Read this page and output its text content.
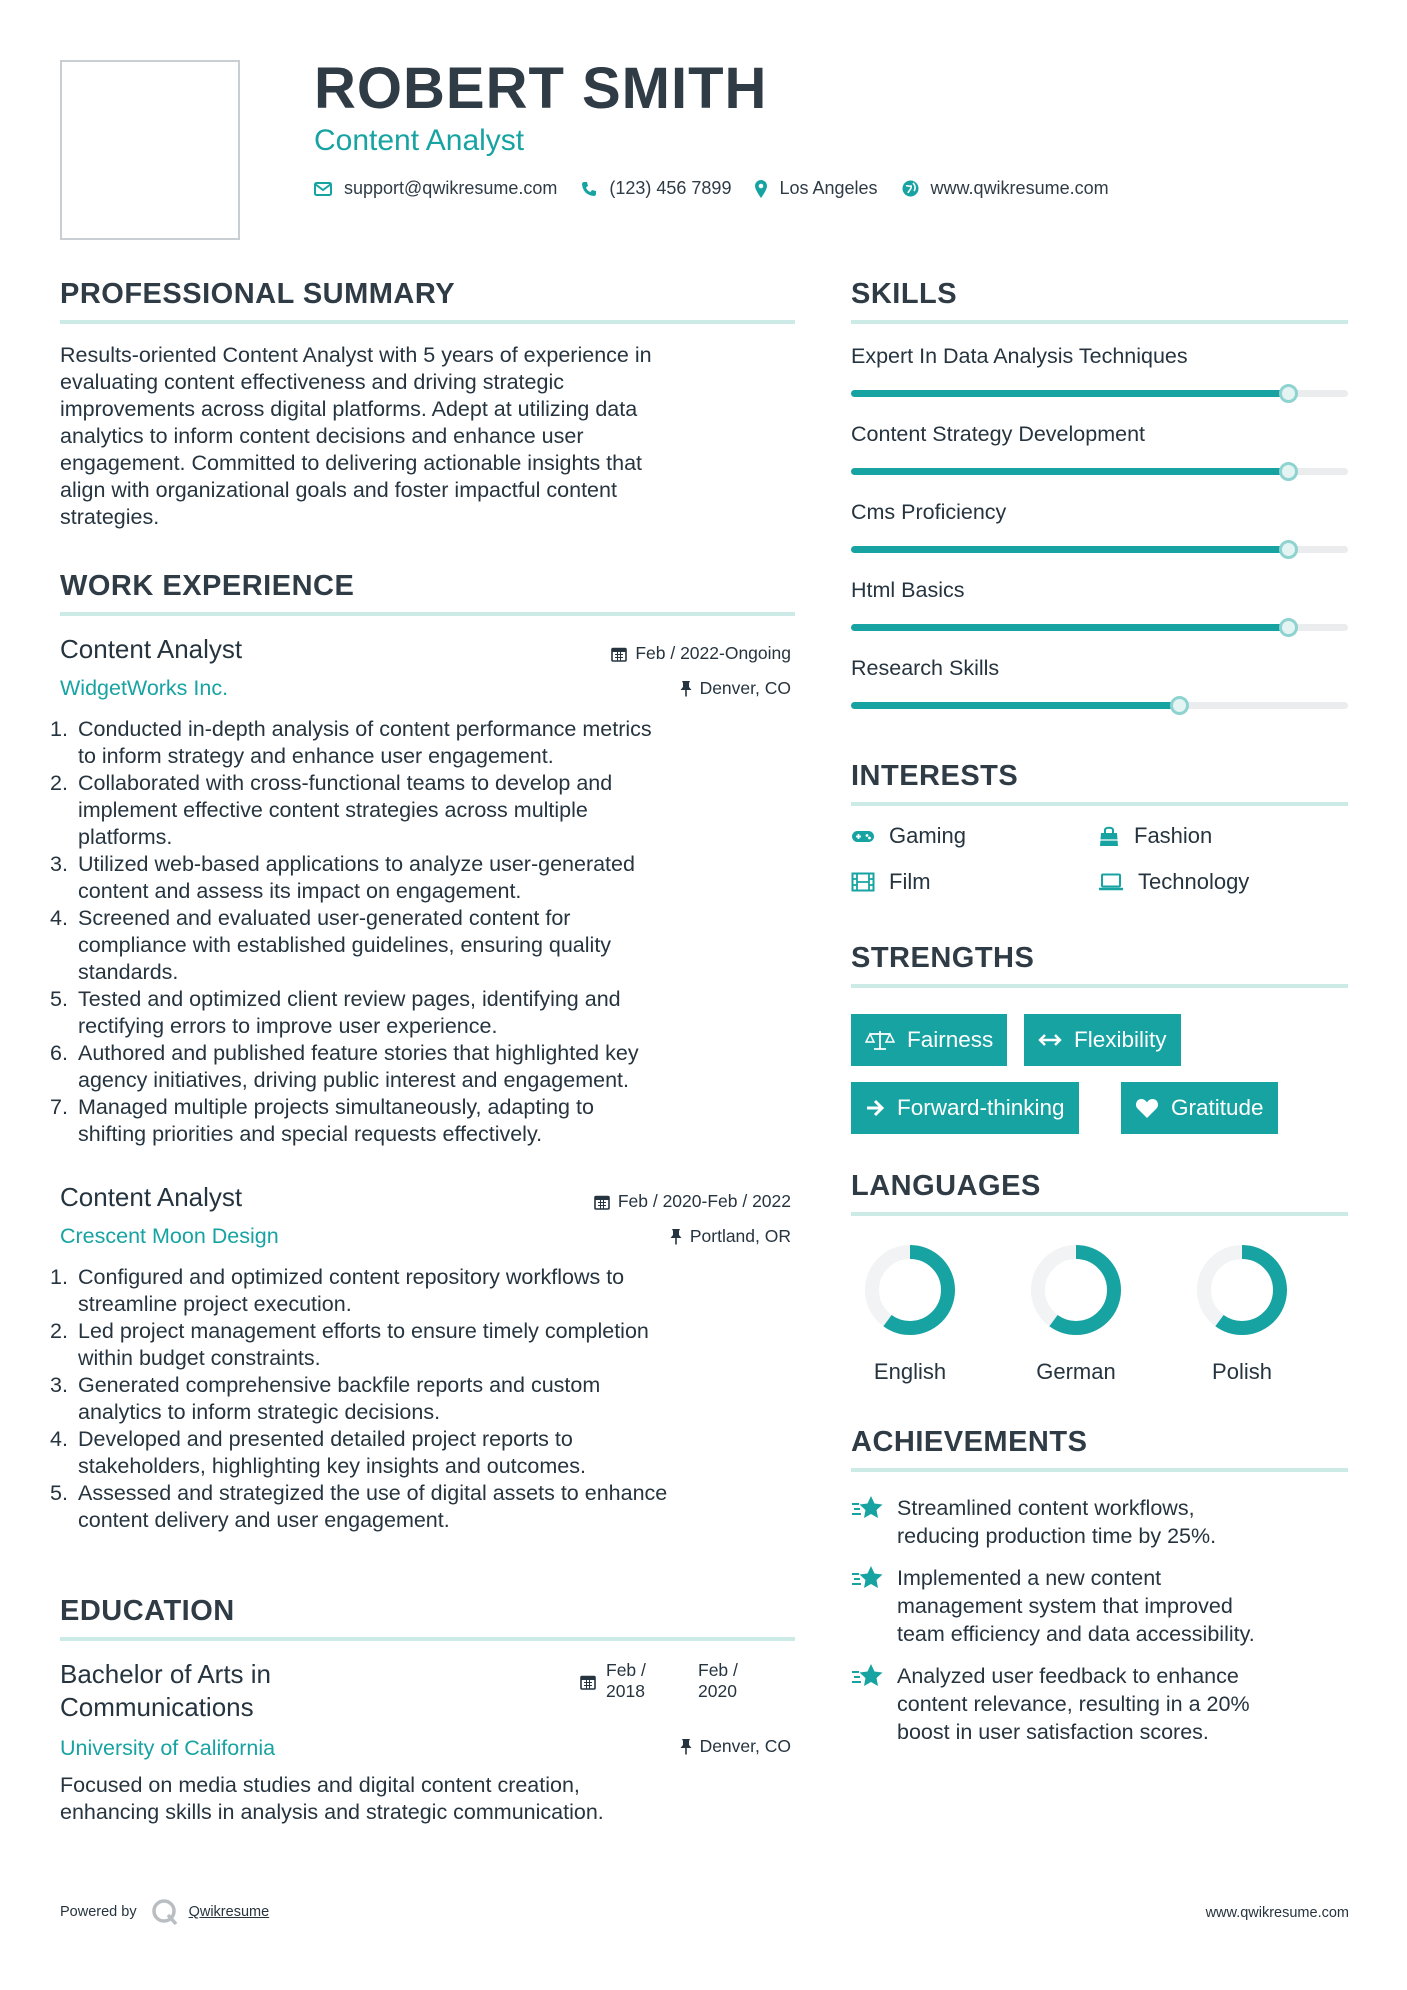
ROBERT SMITH
Content Analyst
support@qwikresume.com	(123) 456 7899	Los Angeles	www.qwikresume.com
PROFESSIONAL SUMMARY
Results-oriented Content Analyst with 5 years of experience in
evaluating content effectiveness and driving strategic
improvements across digital platforms. Adept at utilizing data
analytics to inform content decisions and enhance user
engagement. Committed to delivering actionable insights that
align with organizational goals and foster impactful content
strategies.
WORK EXPERIENCE
Content Analyst
WidgetWorks Inc.
Feb / 2022-Ongoing
Denver, CO
1. Conducted in-depth analysis of content performance metrics
to inform strategy and enhance user engagement.
2. Collaborated with cross-functional teams to develop and
implement effective content strategies across multiple
platforms.
3. Utilized web-based applications to analyze user-generated
content and assess its impact on engagement.
4. Screened and evaluated user-generated content for
compliance with established guidelines, ensuring quality
standards.
5. Tested and optimized client review pages, identifying and
rectifying errors to improve user experience.
6. Authored and published feature stories that highlighted key
agency initiatives, driving public interest and engagement.
7. Managed multiple projects simultaneously, adapting to
shifting priorities and special requests effectively.
Content Analyst
Crescent Moon Design
Feb / 2020-Feb / 2022
Portland, OR
1. Configured and optimized content repository workflows to
streamline project execution.
2. Led project management efforts to ensure timely completion
within budget constraints.
3. Generated comprehensive backfile reports and custom
analytics to inform strategic decisions.
4. Developed and presented detailed project reports to
stakeholders, highlighting key insights and outcomes.
5. Assessed and strategized the use of digital assets to enhance
content delivery and user engagement.
EDUCATION
Bachelor of Arts in
Communications
University of California
Feb /
2018
Feb /
2020
Denver, CO
Focused on media studies and digital content creation,
enhancing skills in analysis and strategic communication.
SKILLS
Expert In Data Analysis Techniques
Content Strategy Development
Cms Proficiency
Html Basics
Research Skills
INTERESTS
Gaming	Fashion
Film	Technology
STRENGTHS
Fairness	Flexibility
Forward-thinking	Gratitude
LANGUAGES
English	German	Polish
ACHIEVEMENTS
Streamlined content workflows,
reducing production time by 25%.
Implemented a new content
management system that improved
team efficiency and data accessibility.
Analyzed user feedback to enhance
content relevance, resulting in a 20%
boost in user satisfaction scores.
Powered by	Qwikresume	www.qwikresume.com
